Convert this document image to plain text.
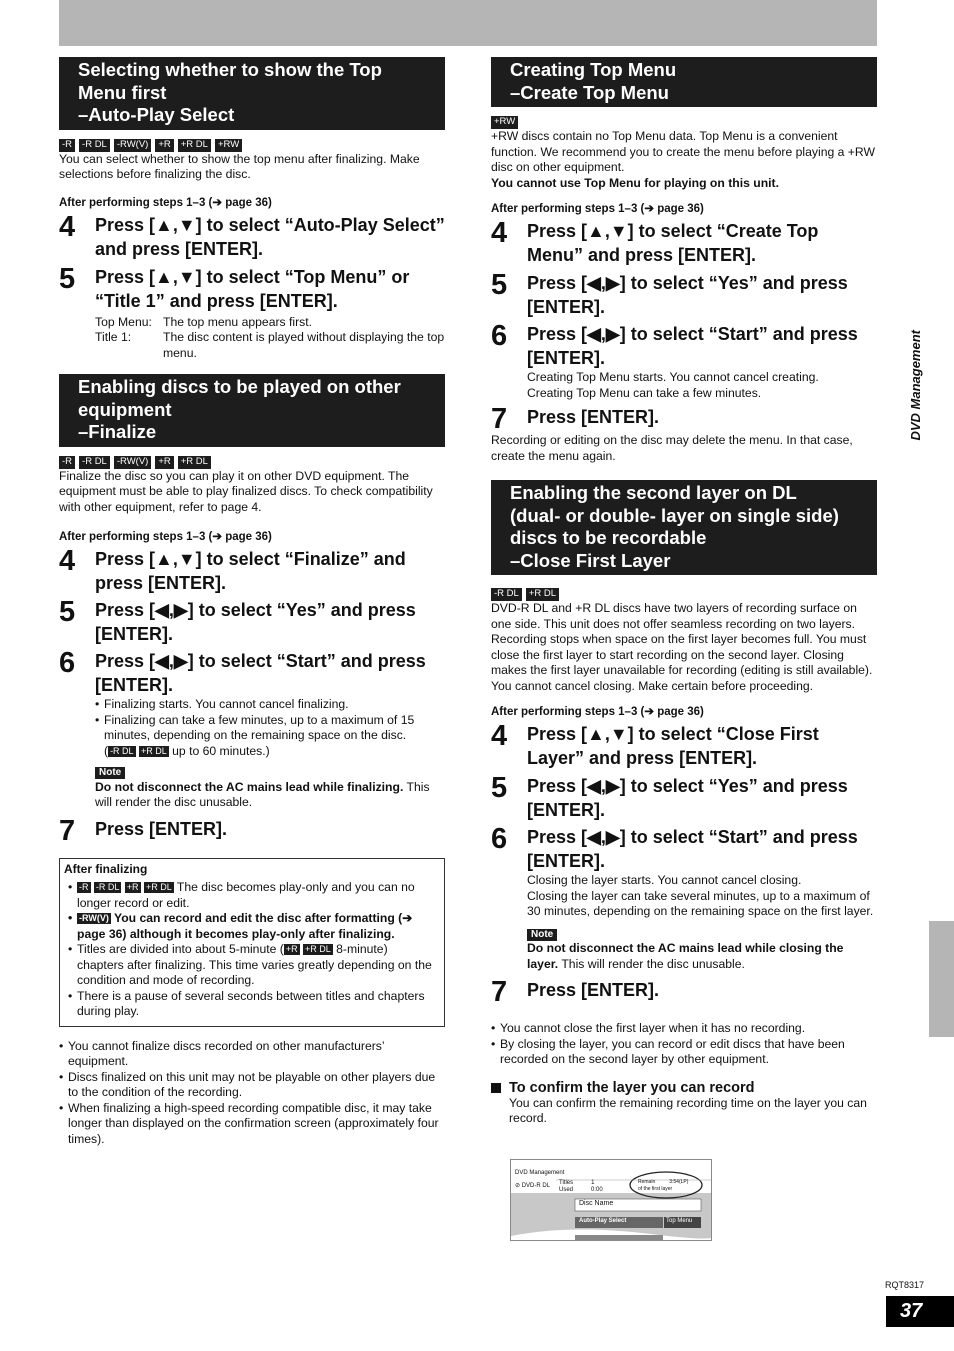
DVD Management
Selecting whether to show the Top
Menu first
–Auto-Play Select
-R	-R DL	-RW(V)	+R	+R DL	+RW
You can select whether to show the top menu after finalizing. Make selections before finalizing the disc.
After performing steps 1–3 (➔ page 36)
4	Press [▲,▼] to select “Auto-Play Select” and press [ENTER].
5	Press [▲,▼] to select “Top Menu” or “Title 1” and press [ENTER].
Top Menu: The top menu appears first.
Title 1:	The disc content is played without displaying the top menu.
Enabling discs to be played on other
equipment
–Finalize
-R	-R DL	-RW(V)	+R	+R DL
Finalize the disc so you can play it on other DVD equipment. The equipment must be able to play finalized discs. To check compatibility with other equipment, refer to page 4.
After performing steps 1–3 (➔ page 36)
4	Press [▲,▼] to select “Finalize” and press [ENTER].
5	Press [◀,▶] to select “Yes” and press [ENTER].
6	Press [◀,▶] to select “Start” and press [ENTER].
• Finalizing starts. You cannot cancel finalizing.
• Finalizing can take a few minutes, up to a maximum of 15 minutes, depending on the remaining space on the disc.
( -R DL +R DL up to 60 minutes.)
Note
Do not disconnect the AC mains lead while finalizing. This will render the disc unusable.
7	Press [ENTER].
After finalizing
• -R -R DL +R +R DL The disc becomes play-only and you can no longer record or edit.
• -RW(V) You can record and edit the disc after formatting (➔ page 36) although it becomes play-only after finalizing.
• Titles are divided into about 5-minute ( +R +R DL 8-minute) chapters after finalizing. This time varies greatly depending on the condition and mode of recording.
• There is a pause of several seconds between titles and chapters during play.
• You cannot finalize discs recorded on other manufacturers’ equipment.
• Discs finalized on this unit may not be playable on other players due to the condition of the recording.
• When finalizing a high-speed recording compatible disc, it may take longer than displayed on the confirmation screen (approximately four times).
Creating Top Menu
–Create Top Menu
+RW
+RW discs contain no Top Menu data. Top Menu is a convenient function. We recommend you to create the menu before playing a +RW disc on other equipment.
You cannot use Top Menu for playing on this unit.
After performing steps 1–3 (➔ page 36)
4	Press [▲,▼] to select “Create Top Menu” and press [ENTER].
5	Press [◀,▶] to select “Yes” and press [ENTER].
6	Press [◀,▶] to select “Start” and press [ENTER].
Creating Top Menu starts. You cannot cancel creating.
Creating Top Menu can take a few minutes.
7	Press [ENTER].
Recording or editing on the disc may delete the menu. In that case, create the menu again.
Enabling the second layer on DL
(dual- or double- layer on single side)
discs to be recordable
–Close First Layer
-R DL	+R DL
DVD-R DL and +R DL discs have two layers of recording surface on one side. This unit does not offer seamless recording on two layers. Recording stops when space on the first layer becomes full. You must close the first layer to start recording on the second layer. Closing makes the first layer unavailable for recording (editing is still available). You cannot cancel closing. Make certain before proceeding.
After performing steps 1–3 (➔ page 36)
4	Press [▲,▼] to select “Close First Layer” and press [ENTER].
5	Press [◀,▶] to select “Yes” and press [ENTER].
6	Press [◀,▶] to select “Start” and press [ENTER].
Closing the layer starts. You cannot cancel closing.
Closing the layer can take several minutes, up to a maximum of 30 minutes, depending on the remaining space on the first layer.
Note
Do not disconnect the AC mains lead while closing the layer. This will render the disc unusable.
7	Press [ENTER].
• You cannot close the first layer when it has no recording.
• By closing the layer, you can record or edit discs that have been recorded on the second layer by other equipment.
To confirm the layer you can record
You can confirm the remaining recording time on the layer you can record.
DVD Management
⊘ DVD-R DL Titles	1
Used	0:00
Remain	3:54(LP)
of the first layer
Disc Name
Auto-Play Select	Top Menu
RQT8317
37
